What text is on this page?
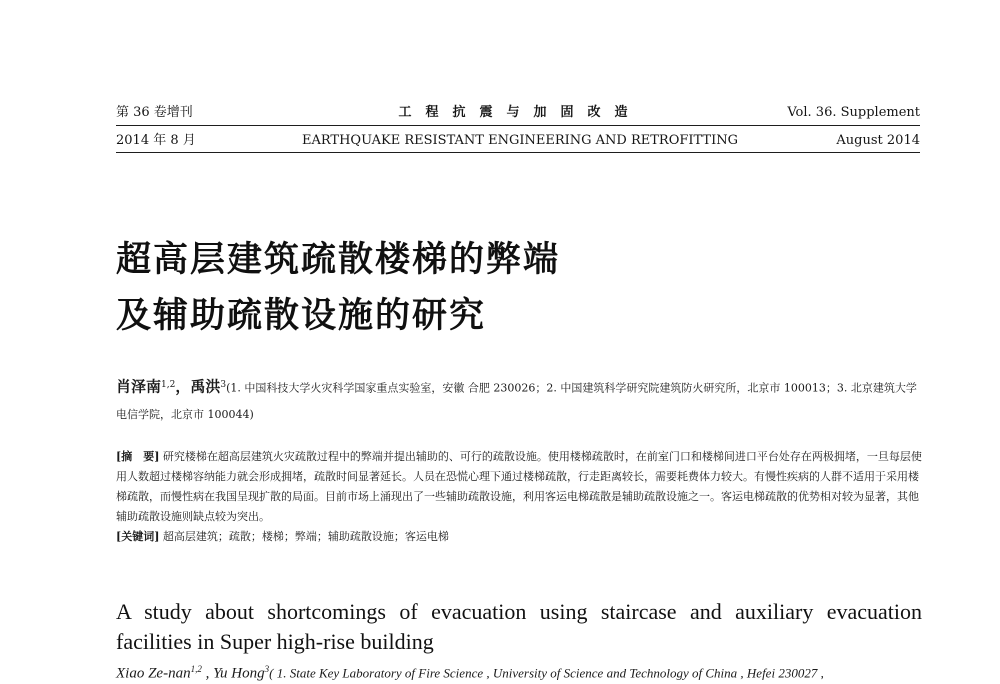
第 36 卷增刊
2014 年 8 月
工程抗震与加固改造
EARTHQUAKE RESISTANT ENGINEERING AND RETROFITTING
Vol. 36. Supplement
August 2014
超高层建筑疏散楼梯的弊端
及辅助疏散设施的研究
肖泽南$^{1,2}$，禹洪$^3$(1. 中国科技大学火灾科学国家重点实验室，安徽 合肥 230026；2. 中国建筑科学研究院建筑防火研究所，北京市 100013；3. 北京建筑大学电信学院，北京市 100044)
[摘　要] 研究楼梯在超高层建筑火灾疏散过程中的弊端并提出辅助的、可行的疏散设施。使用楼梯疏散时，在前室门口和楼梯间进口平台处存在两极拥堵，一旦每层使用人数超过楼梯容纳能力就会形成拥堵，疏散时间显著延长。人员在恐慌心理下通过楼梯疏散，行走距离较长，需要耗费体力较大。有慢性疾病的人群不适用于采用楼梯疏散，而慢性病在我国呈现扩散的局面。目前市场上涌现出了一些辅助疏散设施，利用客运电梯疏散是辅助疏散设施之一。客运电梯疏散的优势相对较为显著，其他辅助疏散设施则缺点较为突出。
[关键词] 超高层建筑；疏散；楼梯；弊端；辅助疏散设施；客运电梯
A study about shortcomings of evacuation using staircase and auxiliary evacuation facilities in Super high-rise building
Xiao Ze-nan$^{1,2}$ , Yu Hong$^3$( 1. State Key Laboratory of Fire Science , University of Science and Technology of China , Hefei 230027 ,
